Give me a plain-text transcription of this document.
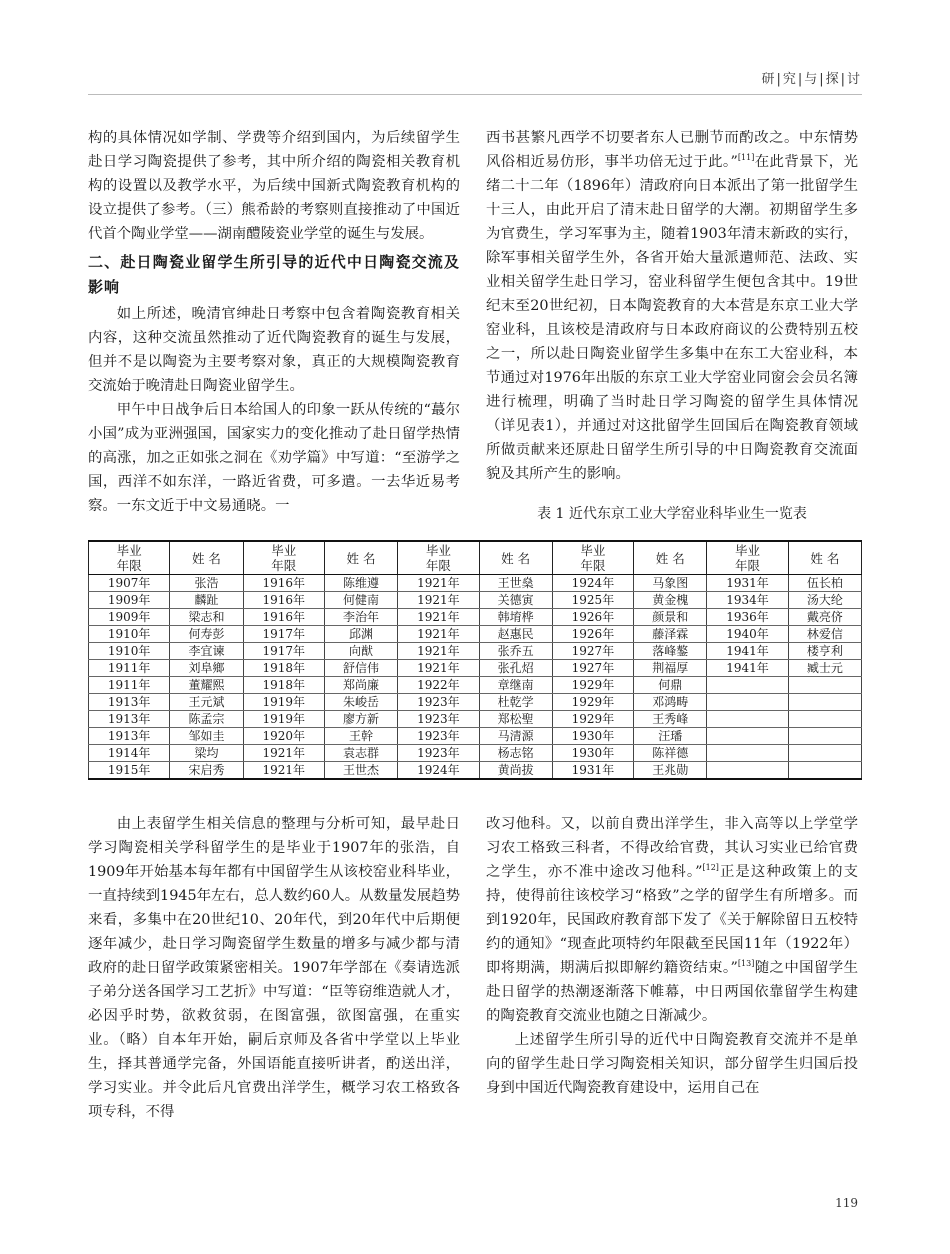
研|究|与|探|讨

构的具体情况如学制、学费等介绍到国内，为后续留学生赴日学习陶瓷提供了参考，其中所介绍的陶瓷相关教育机构的设置以及教学水平，为后续中国新式陶瓷教育机构的设立提供了参考。（三）熊希龄的考察则直接推动了中国近代首个陶业学堂——湖南醴陵瓷业学堂的诞生与发展。

二、赴日陶瓷业留学生所引导的近代中日陶瓷交流及影响

如上所述，晚清官绅赴日考察中包含着陶瓷教育相关内容，这种交流虽然推动了近代陶瓷教育的诞生与发展，但并不是以陶瓷为主要考察对象，真正的大规模陶瓷教育交流始于晚清赴日陶瓷业留学生。

甲午中日战争后日本给国人的印象一跃从传统的“蕞尔小国”成为亚洲强国，国家实力的变化推动了赴日留学热情的高涨，加之正如张之洞在《劝学篇》中写道：“至游学之国，西洋不如东洋，一路近省费，可多遣。一去华近易考察。一东文近于中文易通晓。一

西书甚繁凡西学不切要者东人已删节而酌改之。中东情势风俗相近易仿形，事半功倍无过于此。”[11]在此背景下，光绪二十二年（1896年）清政府向日本派出了第一批留学生十三人，由此开启了清末赴日留学的大潮。初期留学生多为官费生，学习军事为主，随着1903年清末新政的实行，除军事相关留学生外，各省开始大量派遣师范、法政、实业相关留学生赴日学习，窑业科留学生便包含其中。19世纪末至20世纪初，日本陶瓷教育的大本营是东京工业大学窑业科，且该校是清政府与日本政府商议的公费特别五校之一，所以赴日陶瓷业留学生多集中在东工大窑业科，本节通过对1976年出版的东京工业大学窑业同窗会会员名簿进行梳理，明确了当时赴日学习陶瓷的留学生具体情况（详见表1），并通过对这批留学生回国后在陶瓷教育领域所做贡献来还原赴日留学生所引导的中日陶瓷教育交流面貌及其所产生的影响。

表 1 近代东京工业大学窑业科毕业生一览表
毕业
年限	姓 名	毕业
年限	姓 名	毕业
年限	姓 名	毕业
年限	姓 名	毕业
年限	姓 名
1907年	张浩	1916年	陈维遵	1921年	王世燊	1924年	马象图	1931年	伍长柏
1909年	麟趾	1916年	何健南	1921年	关德寅	1925年	黄金槐	1934年	汤大纶
1909年	梁志和	1916年	李治年	1921年	韩堉桦	1926年	颜景和	1936年	戴亮侪
1910年	何寿彭	1917年	邱渊	1921年	赵惠民	1926年	藤泽霖	1940年	林爱信
1910年	李宜谏	1917年	向猷	1921年	张乔五	1927年	落峰鏊	1941年	楼亨利
1911年	刘阜鄉	1918年	舒信伟	1921年	张孔炤	1927年	荆福厚	1941年	臧士元
1911年	董耀熙	1918年	郑尚廉	1922年	章继南	1929年	何鼎		
1913年	王元斌	1919年	朱峻岳	1923年	杜乾学	1929年	邓鸿畴		
1913年	陈孟宗	1919年	廖方新	1923年	郑松聖	1929年	王秀峰		
1913年	邹如圭	1920年	王幹	1923年	马清源	1930年	汪璠		
1914年	梁均	1921年	袁志群	1923年	杨志铭	1930年	陈祥德		
1915年	宋启秀	1921年	王世杰	1924年	黄尚拔	1931年	王兆勋		

由上表留学生相关信息的整理与分析可知，最早赴日学习陶瓷相关学科留学生的是毕业于1907年的张浩，自1909年开始基本每年都有中国留学生从该校窑业科毕业，一直持续到1945年左右，总人数约60人。从数量发展趋势来看，多集中在20世纪10、20年代，到20年代中后期便逐年减少，赴日学习陶瓷留学生数量的增多与减少都与清政府的赴日留学政策紧密相关。1907年学部在《奏请选派子弟分送各国学习工艺折》中写道：“臣等窃维造就人才，必因乎时势，欲救贫弱，在图富强，欲图富强，在重实业。（略）自本年开始，嗣后京师及各省中学堂以上毕业生，择其普通学完备，外国语能直接听讲者，酌送出洋，学习实业。并令此后凡官费出洋学生，概学习农工格致各项专科，不得

改习他科。又，以前自费出洋学生，非入高等以上学堂学习农工格致三科者，不得改给官费，其认习实业已给官费之学生，亦不准中途改习他科。”[12]正是这种政策上的支持，使得前往该校学习“格致”之学的留学生有所增多。而到1920年，民国政府教育部下发了《关于解除留日五校特约的通知》“现查此项特约年限截至民国11年（1922年）即将期满，期满后拟即解约籍资结束。”[13]随之中国留学生赴日留学的热潮逐渐落下帷幕，中日两国依靠留学生构建的陶瓷教育交流业也随之日渐减少。

上述留学生所引导的近代中日陶瓷教育交流并不是单向的留学生赴日学习陶瓷相关知识，部分留学生归国后投身到中国近代陶瓷教育建设中，运用自己在

119
